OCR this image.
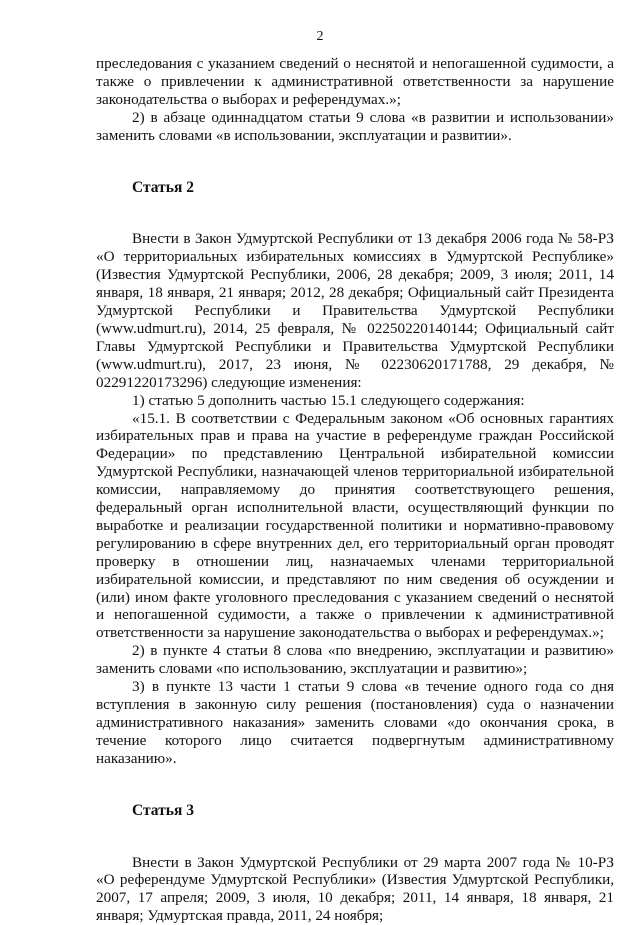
2

преследования с указанием сведений о неснятой и непогашенной судимости, а также о привлечении к административной ответственности за нарушение законодательства о выборах и референдумах.»;

2) в абзаце одиннадцатом статьи 9 слова «в развитии и использовании» заменить словами «в использовании, эксплуатации и развитии».

Статья 2

Внести в Закон Удмуртской Республики от 13 декабря 2006 года № 58-РЗ «О территориальных избирательных комиссиях в Удмуртской Республике» (Известия Удмуртской Республики, 2006, 28 декабря; 2009, 3 июля; 2011, 14 января, 18 января, 21 января; 2012, 28 декабря; Официальный сайт Президента Удмуртской Республики и Правительства Удмуртской Республики (www.udmurt.ru), 2014, 25 февраля, № 02250220140144; Официальный сайт Главы Удмуртской Республики и Правительства Удмуртской Республики (www.udmurt.ru), 2017, 23 июня, № 02230620171788, 29 декабря, № 02291220173296) следующие изменения:

1) статью 5 дополнить частью 15.1 следующего содержания:

«15.1. В соответствии с Федеральным законом «Об основных гарантиях избирательных прав и права на участие в референдуме граждан Российской Федерации» по представлению Центральной избирательной комиссии Удмуртской Республики, назначающей членов территориальной избирательной комиссии, направляемому до принятия соответствующего решения, федеральный орган исполнительной власти, осуществляющий функции по выработке и реализации государственной политики и нормативно-правовому регулированию в сфере внутренних дел, его территориальный орган проводят проверку в отношении лиц, назначаемых членами территориальной избирательной комиссии, и представляют по ним сведения об осуждении и (или) ином факте уголовного преследования с указанием сведений о неснятой и непогашенной судимости, а также о привлечении к административной ответственности за нарушение законодательства о выборах и референдумах.»;

2) в пункте 4 статьи 8 слова «по внедрению, эксплуатации и развитию» заменить словами «по использованию, эксплуатации и развитию»;

3) в пункте 13 части 1 статьи 9 слова «в течение одного года со дня вступления в законную силу решения (постановления) суда о назначении административного наказания» заменить словами «до окончания срока, в течение которого лицо считается подвергнутым административному наказанию».

Статья 3

Внести в Закон Удмуртской Республики от 29 марта 2007 года № 10-РЗ «О референдуме Удмуртской Республики» (Известия Удмуртской Республики, 2007, 17 апреля; 2009, 3 июля, 10 декабря; 2011, 14 января, 18 января, 21 января; Удмуртская правда, 2011, 24 ноября;
